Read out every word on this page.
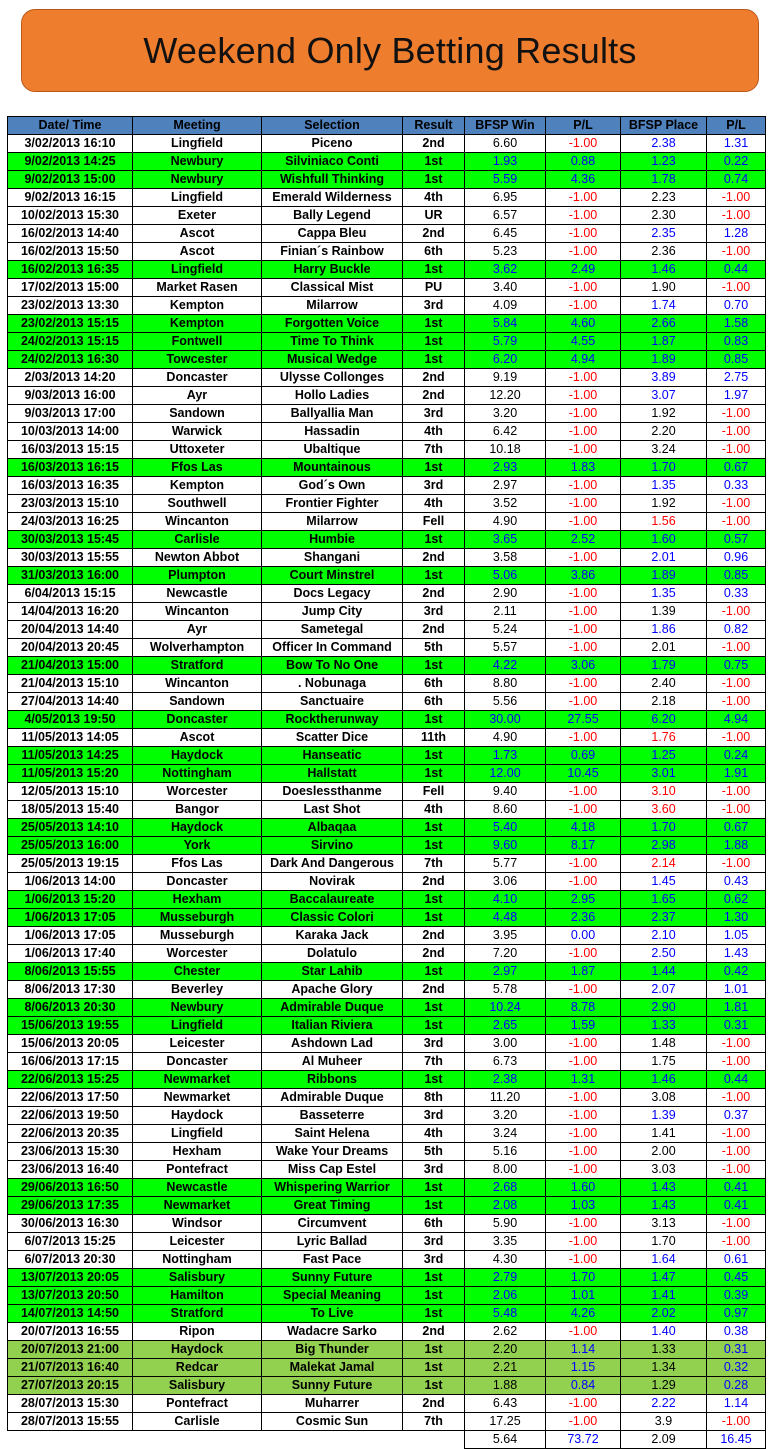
Weekend Only Betting Results
Date/ Time	Meeting	Selection	Result	BFSP Win	P/L	BFSP Place	P/L
3/02/2013 16:10	Lingfield	Piceno	2nd	6.60	-1.00	2.38	1.31
9/02/2013 14:25	Newbury	Silviniaco Conti	1st	1.93	0.88	1.23	0.22
9/02/2013 15:00	Newbury	Wishfull Thinking	1st	5.59	4.36	1.78	0.74
9/02/2013 16:15	Lingfield	Emerald Wilderness	4th	6.95	-1.00	2.23	-1.00
10/02/2013 15:30	Exeter	Bally Legend	UR	6.57	-1.00	2.30	-1.00
16/02/2013 14:40	Ascot	Cappa Bleu	2nd	6.45	-1.00	2.35	1.28
16/02/2013 15:50	Ascot	Finian´s Rainbow	6th	5.23	-1.00	2.36	-1.00
16/02/2013 16:35	Lingfield	Harry Buckle	1st	3.62	2.49	1.46	0.44
17/02/2013 15:00	Market Rasen	Classical Mist	PU	3.40	-1.00	1.90	-1.00
23/02/2013 13:30	Kempton	Milarrow	3rd	4.09	-1.00	1.74	0.70
23/02/2013 15:15	Kempton	Forgotten Voice	1st	5.84	4.60	2.66	1.58
24/02/2013 15:15	Fontwell	Time To Think	1st	5.79	4.55	1.87	0.83
24/02/2013 16:30	Towcester	Musical Wedge	1st	6.20	4.94	1.89	0.85
2/03/2013 14:20	Doncaster	Ulysse Collonges	2nd	9.19	-1.00	3.89	2.75
9/03/2013 16:00	Ayr	Hollo Ladies	2nd	12.20	-1.00	3.07	1.97
9/03/2013 17:00	Sandown	Ballyallia Man	3rd	3.20	-1.00	1.92	-1.00
10/03/2013 14:00	Warwick	Hassadin	4th	6.42	-1.00	2.20	-1.00
16/03/2013 15:15	Uttoxeter	Ubaltique	7th	10.18	-1.00	3.24	-1.00
16/03/2013 16:15	Ffos Las	Mountainous	1st	2.93	1.83	1.70	0.67
16/03/2013 16:35	Kempton	God´s Own	3rd	2.97	-1.00	1.35	0.33
23/03/2013 15:10	Southwell	Frontier Fighter	4th	3.52	-1.00	1.92	-1.00
24/03/2013 16:25	Wincanton	Milarrow	Fell	4.90	-1.00	1.56	-1.00
30/03/2013 15:45	Carlisle	Humbie	1st	3.65	2.52	1.60	0.57
30/03/2013 15:55	Newton Abbot	Shangani	2nd	3.58	-1.00	2.01	0.96
31/03/2013 16:00	Plumpton	Court Minstrel	1st	5.06	3.86	1.89	0.85
6/04/2013 15:15	Newcastle	Docs Legacy	2nd	2.90	-1.00	1.35	0.33
14/04/2013 16:20	Wincanton	Jump City	3rd	2.11	-1.00	1.39	-1.00
20/04/2013 14:40	Ayr	Sametegal	2nd	5.24	-1.00	1.86	0.82
20/04/2013 20:45	Wolverhampton	Officer In Command	5th	5.57	-1.00	2.01	-1.00
21/04/2013 15:00	Stratford	Bow To No One	1st	4.22	3.06	1.79	0.75
21/04/2013 15:10	Wincanton	. Nobunaga	6th	8.80	-1.00	2.40	-1.00
27/04/2013 14:40	Sandown	Sanctuaire	6th	5.56	-1.00	2.18	-1.00
4/05/2013 19:50	Doncaster	Rocktherunway	1st	30.00	27.55	6.20	4.94
11/05/2013 14:05	Ascot	Scatter Dice	11th	4.90	-1.00	1.76	-1.00
11/05/2013 14:25	Haydock	Hanseatic	1st	1.73	0.69	1.25	0.24
11/05/2013 15:20	Nottingham	Hallstatt	1st	12.00	10.45	3.01	1.91
12/05/2013 15:10	Worcester	Doeslessthanme	Fell	9.40	-1.00	3.10	-1.00
18/05/2013 15:40	Bangor	Last Shot	4th	8.60	-1.00	3.60	-1.00
25/05/2013 14:10	Haydock	Albaqaa	1st	5.40	4.18	1.70	0.67
25/05/2013 16:00	York	Sirvino	1st	9.60	8.17	2.98	1.88
25/05/2013 19:15	Ffos Las	Dark And Dangerous	7th	5.77	-1.00	2.14	-1.00
1/06/2013 14:00	Doncaster	Novirak	2nd	3.06	-1.00	1.45	0.43
1/06/2013 15:20	Hexham	Baccalaureate	1st	4.10	2.95	1.65	0.62
1/06/2013 17:05	Musseburgh	Classic Colori	1st	4.48	2.36	2.37	1.30
1/06/2013 17:05	Musseburgh	Karaka Jack	2nd	3.95	0.00	2.10	1.05
1/06/2013 17:40	Worcester	Dolatulo	2nd	7.20	-1.00	2.50	1.43
8/06/2013 15:55	Chester	Star Lahib	1st	2.97	1.87	1.44	0.42
8/06/2013 17:30	Beverley	Apache Glory	2nd	5.78	-1.00	2.07	1.01
8/06/2013 20:30	Newbury	Admirable Duque	1st	10.24	8.78	2.90	1.81
15/06/2013 19:55	Lingfield	Italian Riviera	1st	2.65	1.59	1.33	0.31
15/06/2013 20:05	Leicester	Ashdown Lad	3rd	3.00	-1.00	1.48	-1.00
16/06/2013 17:15	Doncaster	Al Muheer	7th	6.73	-1.00	1.75	-1.00
22/06/2013 15:25	Newmarket	Ribbons	1st	2.38	1.31	1.46	0.44
22/06/2013 17:50	Newmarket	Admirable Duque	8th	11.20	-1.00	3.08	-1.00
22/06/2013 19:50	Haydock	Basseterre	3rd	3.20	-1.00	1.39	0.37
22/06/2013 20:35	Lingfield	Saint Helena	4th	3.24	-1.00	1.41	-1.00
23/06/2013 15:30	Hexham	Wake Your Dreams	5th	5.16	-1.00	2.00	-1.00
23/06/2013 16:40	Pontefract	Miss Cap Estel	3rd	8.00	-1.00	3.03	-1.00
29/06/2013 16:50	Newcastle	Whispering Warrior	1st	2.68	1.60	1.43	0.41
29/06/2013 17:35	Newmarket	Great Timing	1st	2.08	1.03	1.43	0.41
30/06/2013 16:30	Windsor	Circumvent	6th	5.90	-1.00	3.13	-1.00
6/07/2013 15:25	Leicester	Lyric Ballad	3rd	3.35	-1.00	1.70	-1.00
6/07/2013 20:30	Nottingham	Fast Pace	3rd	4.30	-1.00	1.64	0.61
13/07/2013 20:05	Salisbury	Sunny Future	1st	2.79	1.70	1.47	0.45
13/07/2013 20:50	Hamilton	Special Meaning	1st	2.06	1.01	1.41	0.39
14/07/2013 14:50	Stratford	To Live	1st	5.48	4.26	2.02	0.97
20/07/2013 16:55	Ripon	Wadacre Sarko	2nd	2.62	-1.00	1.40	0.38
20/07/2013 21:00	Haydock	Big Thunder	1st	2.20	1.14	1.33	0.31
21/07/2013 16:40	Redcar	Malekat Jamal	1st	2.21	1.15	1.34	0.32
27/07/2013 20:15	Salisbury	Sunny Future	1st	1.88	0.84	1.29	0.28
28/07/2013 15:30	Pontefract	Muharrer	2nd	6.43	-1.00	2.22	1.14
28/07/2013 15:55	Carlisle	Cosmic Sun	7th	17.25	-1.00	3.9	-1.00
				5.64	73.72	2.09	16.45
